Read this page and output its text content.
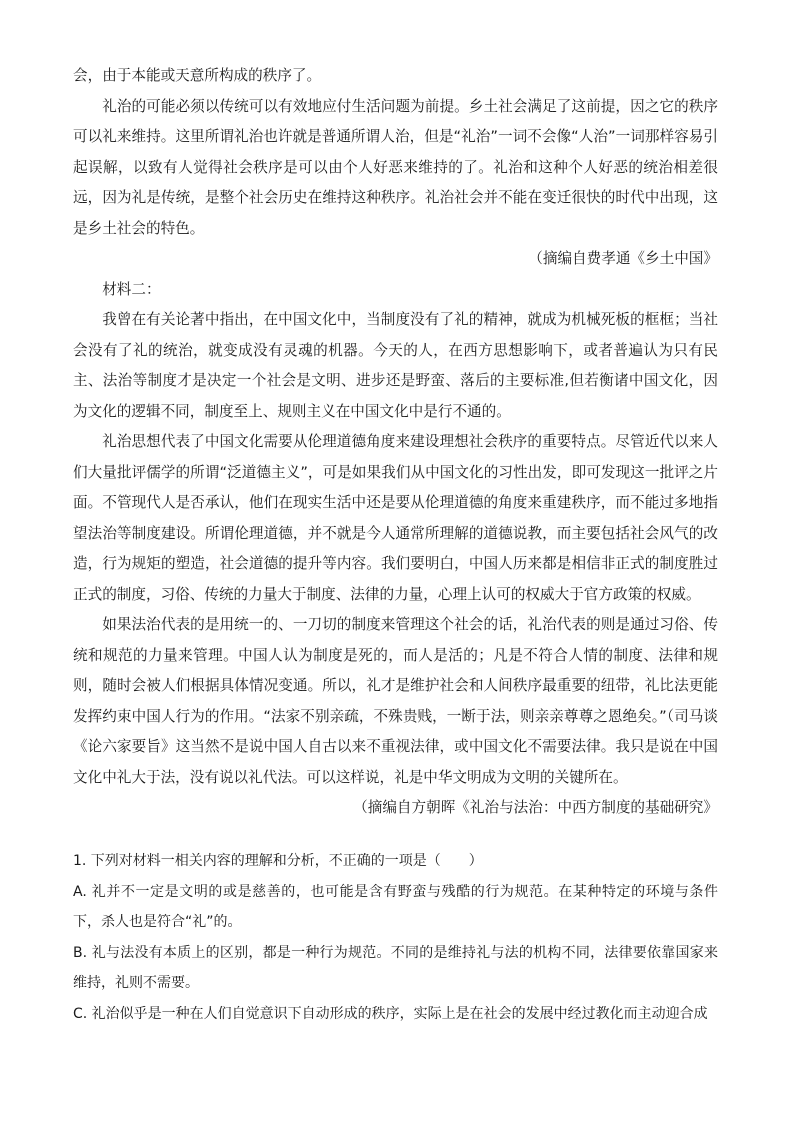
会，由于本能或天意所构成的秩序了。

礼治的可能必须以传统可以有效地应付生活问题为前提。乡土社会满足了这前提，因之它的秩序可以礼来维持。这里所谓礼治也许就是普通所谓人治，但是“礼治”一词不会像“人治”一词那样容易引起误解，以致有人觉得社会秩序是可以由个人好恶来维持的了。礼治和这种个人好恶的统治相差很远，因为礼是传统，是整个社会历史在维持这种秩序。礼治社会并不能在变迁很快的时代中出现，这是乡土社会的特色。

（摘编自费孝通《乡土中国》

材料二：

我曾在有关论著中指出，在中国文化中，当制度没有了礼的精神，就成为机械死板的框框；当社会没有了礼的统治，就变成没有灵魂的机器。今天的人，在西方思想影响下，或者普遍认为只有民主、法治等制度才是决定一个社会是文明、进步还是野蛮、落后的主要标准,但若衡诸中国文化，因为文化的逻辑不同，制度至上、规则主义在中国文化中是行不通的。

礼治思想代表了中国文化需要从伦理道德角度来建设理想社会秩序的重要特点。尽管近代以来人们大量批评儒学的所谓“泛道德主义”，可是如果我们从中国文化的习性出发，即可发现这一批评之片面。不管现代人是否承认，他们在现实生活中还是要从伦理道德的角度来重建秩序，而不能过多地指望法治等制度建设。所谓伦理道德，并不就是今人通常所理解的道德说教，而主要包括社会风气的改造，行为规矩的塑造，社会道德的提升等内容。我们要明白，中国人历来都是相信非正式的制度胜过正式的制度，习俗、传统的力量大于制度、法律的力量，心理上认可的权威大于官方政策的权威。

如果法治代表的是用统一的、一刀切的制度来管理这个社会的话，礼治代表的则是通过习俗、传统和规范的力量来管理。中国人认为制度是死的，而人是活的；凡是不符合人情的制度、法律和规则，随时会被人们根据具体情况变通。所以，礼才是维护社会和人间秩序最重要的纽带，礼比法更能发挥约束中国人行为的作用。“法家不别亲疏，不殊贵贱，一断于法，则亲亲尊尊之恩绝矣。”（司马谈《论六家要旨》这当然不是说中国人自古以来不重视法律，或中国文化不需要法律。我只是说在中国文化中礼大于法，没有说以礼代法。可以这样说，礼是中华文明成为文明的关键所在。

（摘编自方朝晖《礼治与法治：中西方制度的基础研究》

1. 下列对材料一相关内容的理解和分析，不正确的一项是（　　）

A. 礼并不一定是文明的或是慈善的，也可能是含有野蛮与残酷的行为规范。在某种特定的环境与条件下，杀人也是符合“礼”的。

B. 礼与法没有本质上的区别，都是一种行为规范。不同的是维持礼与法的机构不同，法律要依靠国家来维持，礼则不需要。

C. 礼治似乎是一种在人们自觉意识下自动形成的秩序，实际上是在社会的发展中经过教化而主动迎合成
